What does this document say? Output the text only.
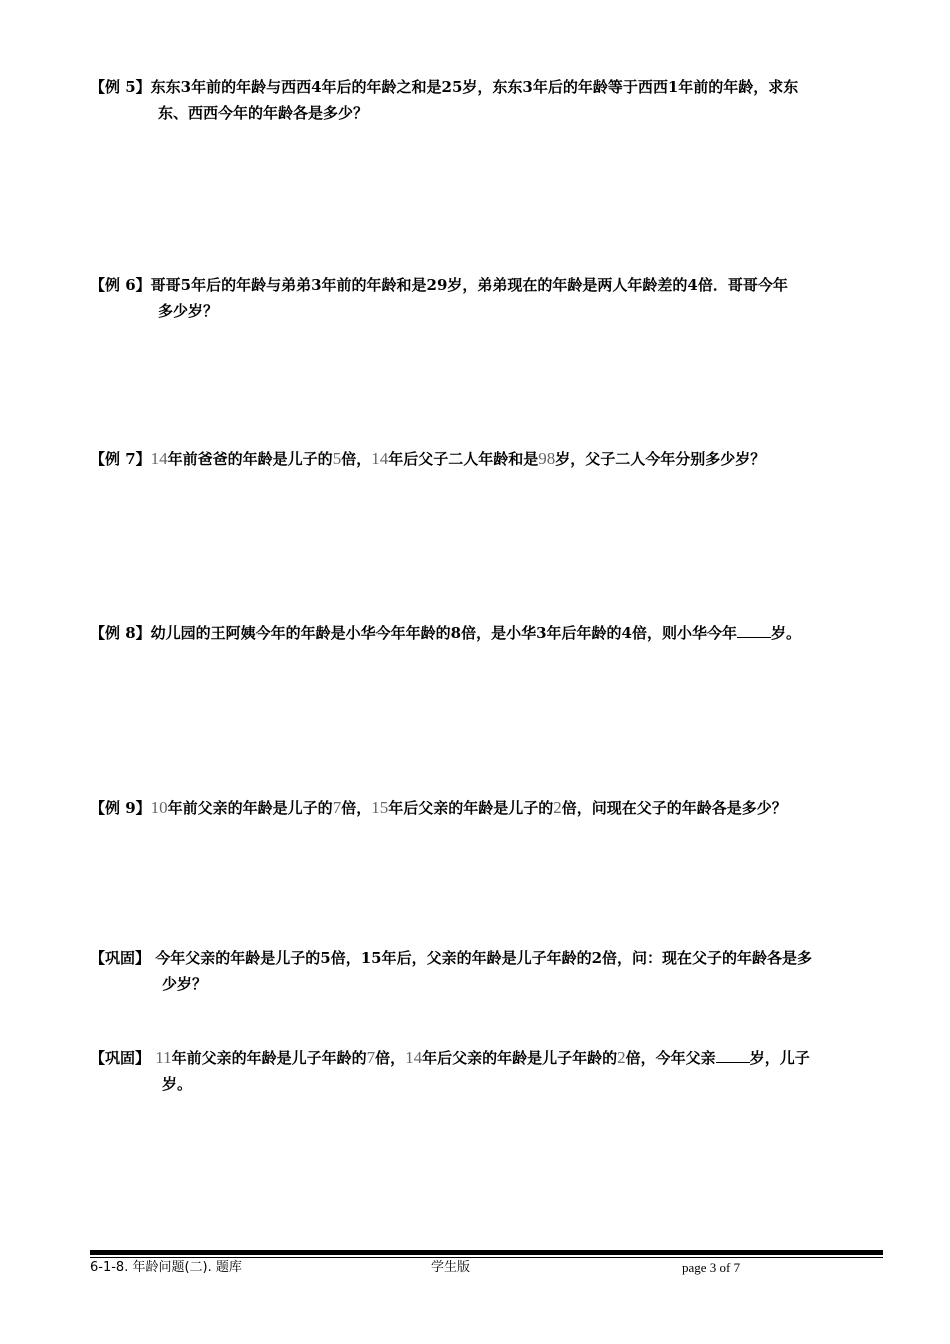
【例 5】东东3年前的年龄与西西4年后的年龄之和是25岁，东东3年后的年龄等于西西1年前的年龄，求东
东、西西今年的年龄各是多少？
【例 6】哥哥5年后的年龄与弟弟3年前的年龄和是29岁，弟弟现在的年龄是两人年龄差的4倍．哥哥今年
多少岁？
【例 7】14年前爸爸的年龄是儿子的5倍，14年后父子二人年龄和是98岁，父子二人今年分别多少岁？
【例 8】幼儿园的王阿姨今年的年龄是小华今年年龄的8倍，是小华3年后年龄的4倍，则小华今年 岁。
【例 9】10年前父亲的年龄是儿子的7倍，15年后父亲的年龄是儿子的2倍，问现在父子的年龄各是多少？
【巩固】 今年父亲的年龄是儿子的5倍，15年后，父亲的年龄是儿子年龄的2倍，问：现在父子的年龄各是多
少岁？
【巩固】 11年前父亲的年龄是儿子年龄的7倍，14年后父亲的年龄是儿子年龄的2倍，今年父亲 岁，儿子
岁。
6-1-8. 年龄问题(二). 题库	学生版	page 3 of 7
